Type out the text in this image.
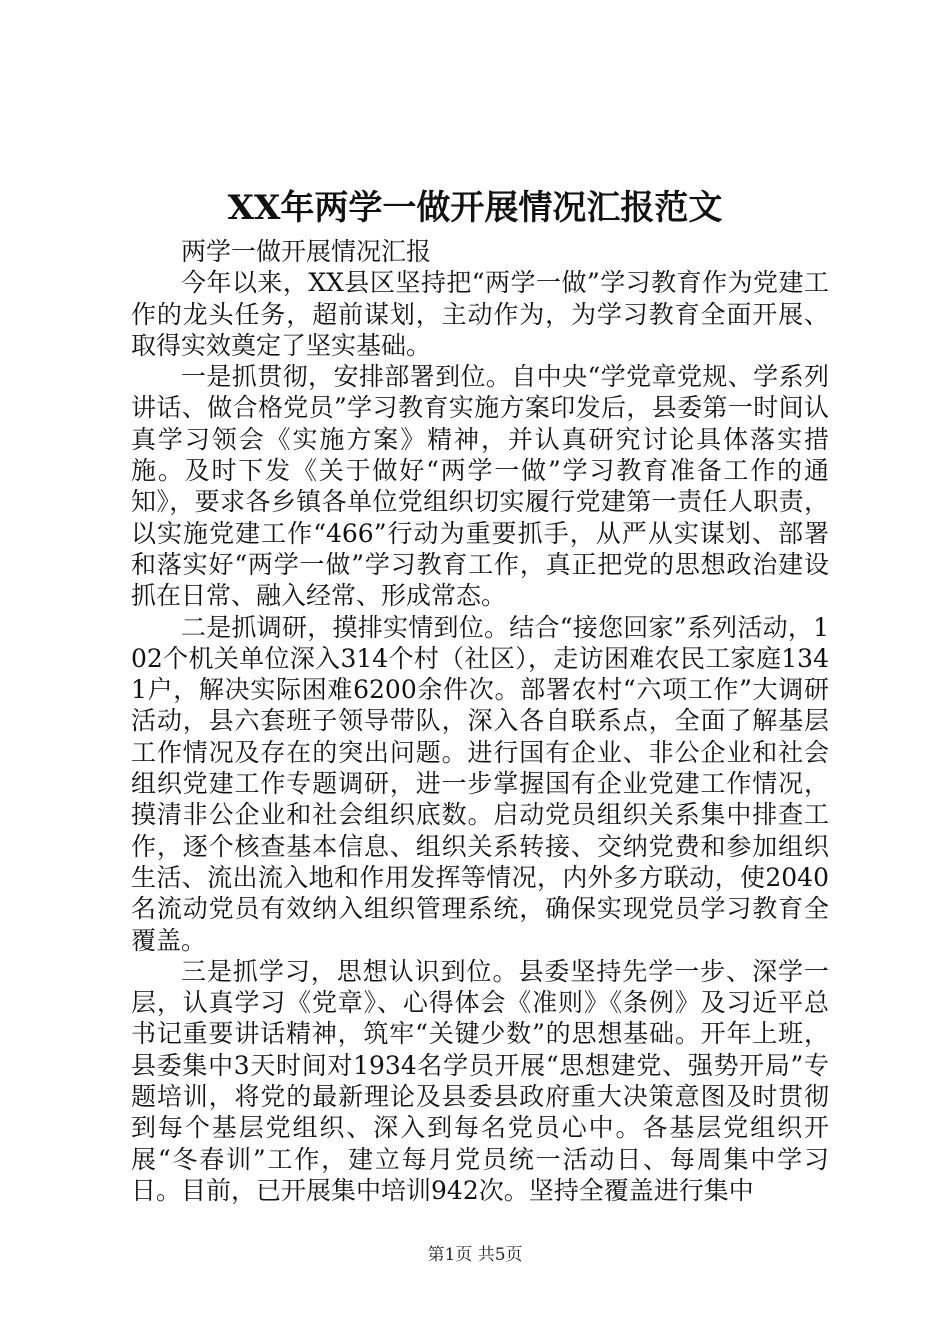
XX年两学一做开展情况汇报范文

两学一做开展情况汇报

今年以来，XX县区坚持把“两学一做”学习教育作为党建工作的龙头任务，超前谋划，主动作为，为学习教育全面开展、取得实效奠定了坚实基础。

一是抓贯彻，安排部署到位。自中央“学党章党规、学系列讲话、做合格党员”学习教育实施方案印发后，县委第一时间认真学习领会《实施方案》精神，并认真研究讨论具体落实措施。及时下发《关于做好“两学一做”学习教育准备工作的通知》，要求各乡镇各单位党组织切实履行党建第一责任人职责，以实施党建工作“466”行动为重要抓手，从严从实谋划、部署和落实好“两学一做”学习教育工作，真正把党的思想政治建设抓在日常、融入经常、形成常态。

二是抓调研，摸排实情到位。结合“接您回家”系列活动，102个机关单位深入314个村（社区），走访困难农民工家庭1341户，解决实际困难6200余件次。部署农村“六项工作”大调研活动，县六套班子领导带队，深入各自联系点，全面了解基层工作情况及存在的突出问题。进行国有企业、非公企业和社会组织党建工作专题调研，进一步掌握国有企业党建工作情况，摸清非公企业和社会组织底数。启动党员组织关系集中排查工作，逐个核查基本信息、组织关系转接、交纳党费和参加组织生活、流出流入地和作用发挥等情况，内外多方联动，使2040名流动党员有效纳入组织管理系统，确保实现党员学习教育全覆盖。

三是抓学习，思想认识到位。县委坚持先学一步、深学一层，认真学习《党章》、心得体会《准则》《条例》及习近平总书记重要讲话精神，筑牢“关键少数”的思想基础。开年上班，县委集中3天时间对1934名学员开展“思想建党、强势开局”专题培训，将党的最新理论及县委县政府重大决策意图及时贯彻到每个基层党组织、深入到每名党员心中。各基层党组织开展“冬春训”工作，建立每月党员统一活动日、每周集中学习日。目前，已开展集中培训942次。坚持全覆盖进行集中

第1页 共5页
